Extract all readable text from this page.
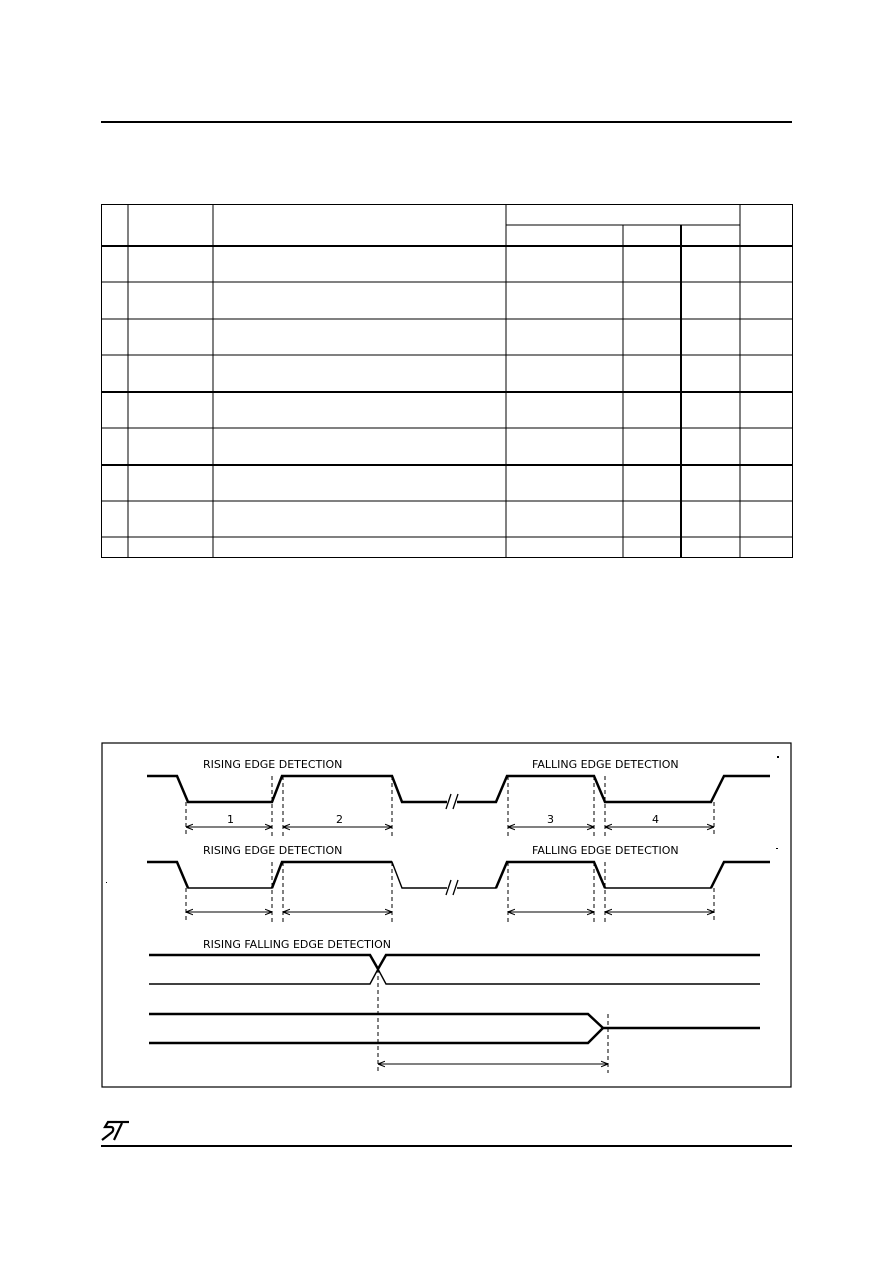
RISING EDGE DETECTION	FALLING EDGE DETECTION
RISING EDGE DETECTION	FALLING EDGE DETECTION
RISING FALLING EDGE DETECTION
1	2	3	4
